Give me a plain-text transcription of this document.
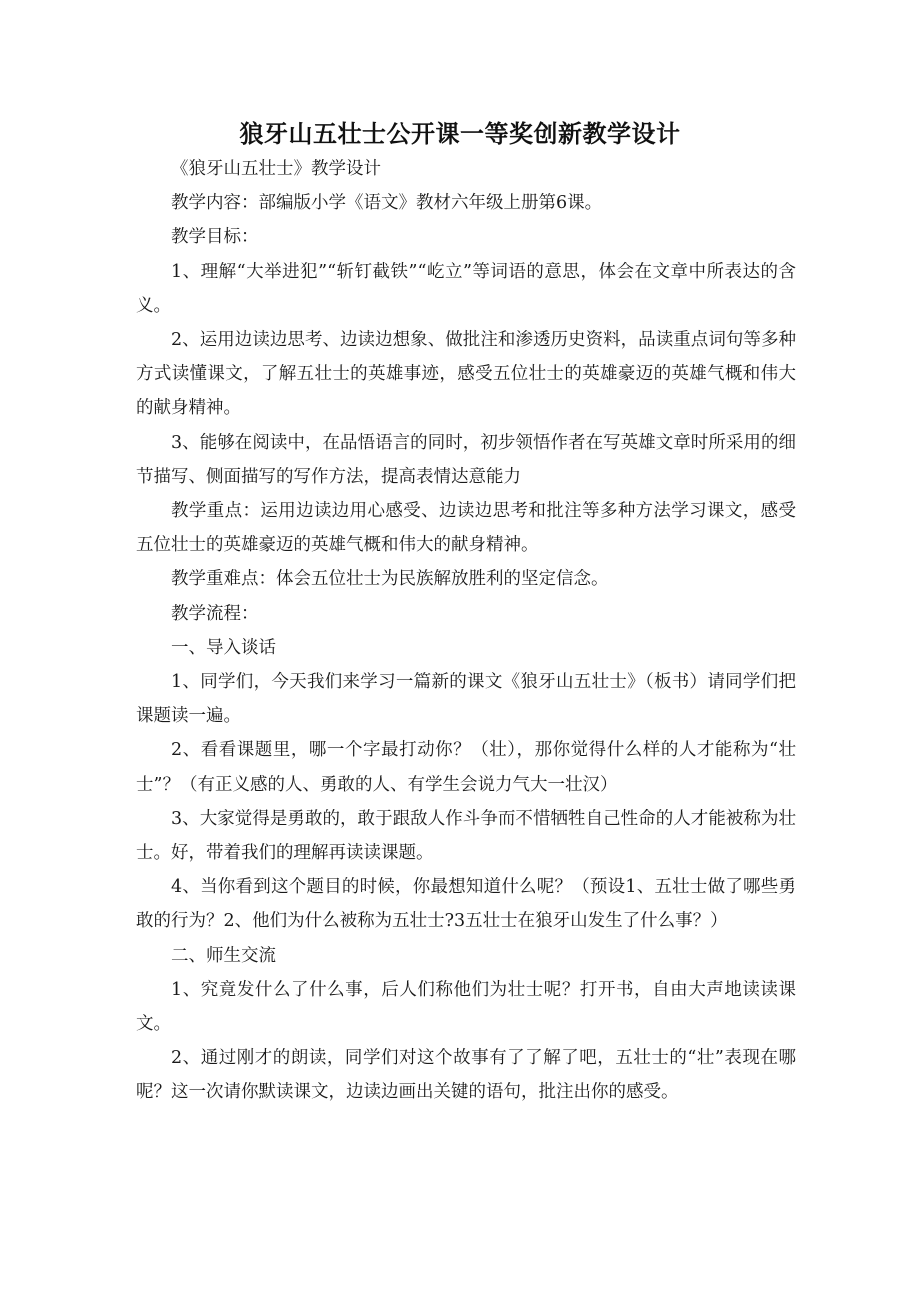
狼牙山五壮士公开课一等奖创新教学设计

《狼牙山五壮士》教学设计

教学内容：部编版小学《语文》教材六年级上册第6课。

教学目标：

1、理解“大举进犯”“斩钉截铁”“屹立”等词语的意思，体会在文章中所表达的含义。

2、运用边读边思考、边读边想象、做批注和渗透历史资料，品读重点词句等多种方式读懂课文，了解五壮士的英雄事迹，感受五位壮士的英雄豪迈的英雄气概和伟大的献身精神。

3、能够在阅读中，在品悟语言的同时，初步领悟作者在写英雄文章时所采用的细节描写、侧面描写的写作方法，提高表情达意能力

教学重点：运用边读边用心感受、边读边思考和批注等多种方法学习课文，感受五位壮士的英雄豪迈的英雄气概和伟大的献身精神。

教学重难点：体会五位壮士为民族解放胜利的坚定信念。

教学流程：

一、导入谈话

1、同学们，今天我们来学习一篇新的课文《狼牙山五壮士》（板书）请同学们把课题读一遍。

2、看看课题里，哪一个字最打动你？（壮），那你觉得什么样的人才能称为“壮士”？（有正义感的人、勇敢的人、有学生会说力气大一壮汉）

3、大家觉得是勇敢的，敢于跟敌人作斗争而不惜牺牲自己性命的人才能被称为壮士。好，带着我们的理解再读读课题。

4、当你看到这个题目的时候，你最想知道什么呢？（预设1、五壮士做了哪些勇敢的行为？2、他们为什么被称为五壮士?3五壮士在狼牙山发生了什么事？）

二、师生交流

1、究竟发什么了什么事，后人们称他们为壮士呢？打开书，自由大声地读读课文。

2、通过刚才的朗读，同学们对这个故事有了了解了吧，五壮士的“壮”表现在哪呢？这一次请你默读课文，边读边画出关键的语句，批注出你的感受。
